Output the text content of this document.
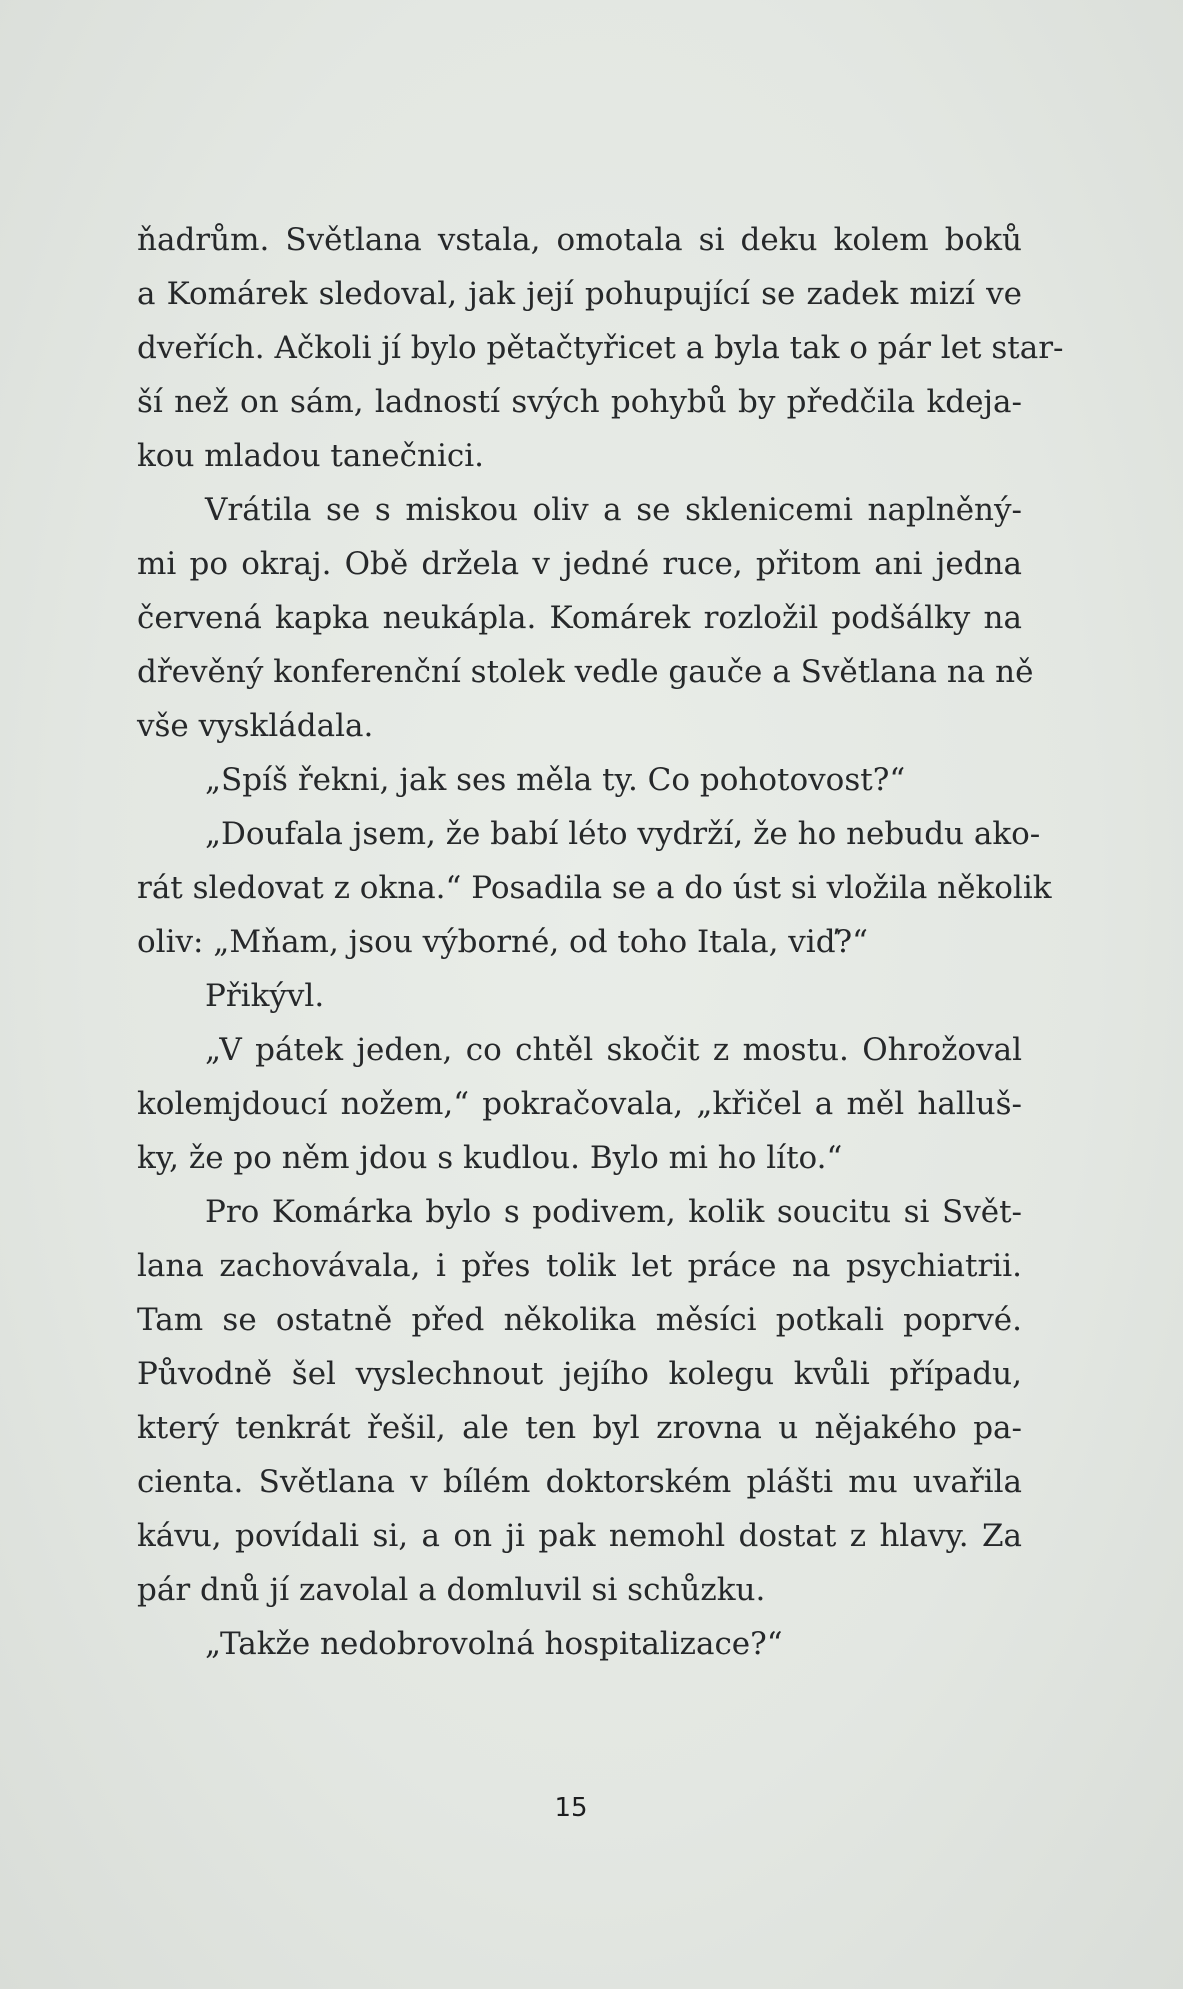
ňadrům. Světlana vstala, omotala si deku kolem boků
a Komárek sledoval, jak její pohupující se zadek mizí ve
dveřích. Ačkoli jí bylo pětačtyřicet a byla tak o pár let star-
ší než on sám, ladností svých pohybů by předčila kdeja-
kou mladou tanečnici.
Vrátila se s miskou oliv a se sklenicemi naplněný-
mi po okraj. Obě držela v jedné ruce, přitom ani jedna
červená kapka neukápla. Komárek rozložil podšálky na
dřevěný konferenční stolek vedle gauče a Světlana na ně
vše vyskládala.
„Spíš řekni, jak ses měla ty. Co pohotovost?“
„Doufala jsem, že babí léto vydrží, že ho nebudu ako-
rát sledovat z okna.“ Posadila se a do úst si vložila několik
oliv: „Mňam, jsou výborné, od toho Itala, viď?“
Přikývl.
„V pátek jeden, co chtěl skočit z mostu. Ohrožoval
kolemjdoucí nožem,“ pokračovala, „křičel a měl halluš-
ky, že po něm jdou s kudlou. Bylo mi ho líto.“
Pro Komárka bylo s podivem, kolik soucitu si Svět-
lana zachovávala, i přes tolik let práce na psychiatrii.
Tam se ostatně před několika měsíci potkali poprvé.
Původně šel vyslechnout jejího kolegu kvůli případu,
který tenkrát řešil, ale ten byl zrovna u nějakého pa-
cienta. Světlana v bílém doktorském plášti mu uvařila
kávu, povídali si, a on ji pak nemohl dostat z hlavy. Za
pár dnů jí zavolal a domluvil si schůzku.
„Takže nedobrovolná hospitalizace?“
15
